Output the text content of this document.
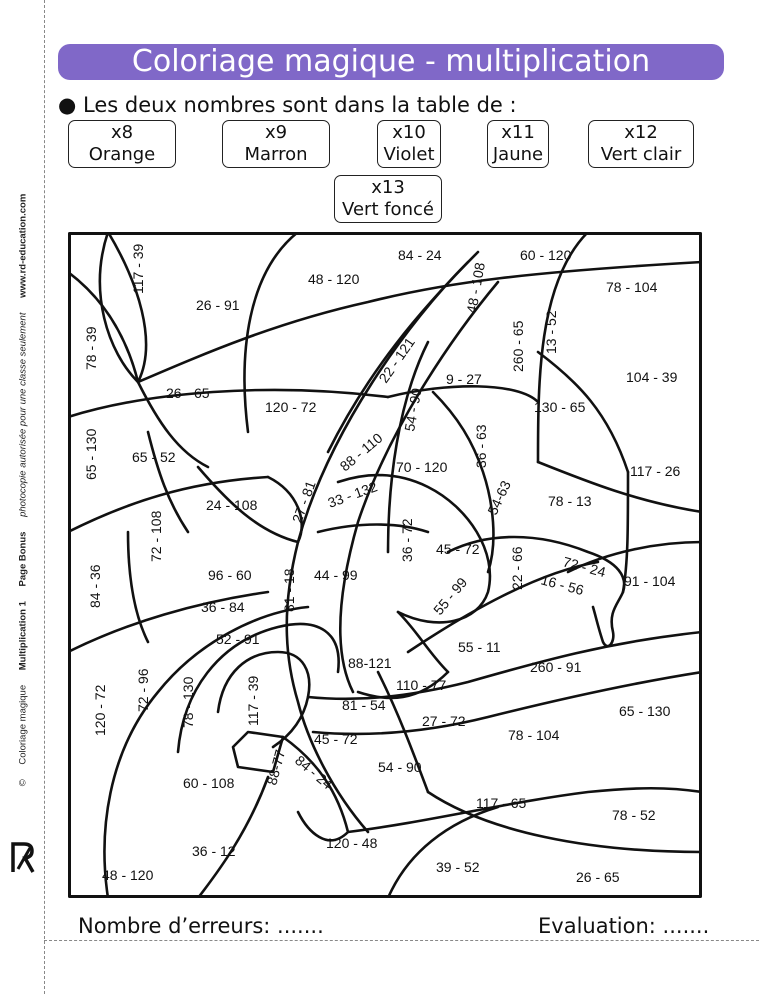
© Coloriage magique Multiplication 1 Page Bonus photocopie autorisée pour une classe seulement www.rd-education.com
Coloriage magique - multiplication
● Les deux nombres sont dans la table de :
x8
Orange
x9
Marron
x10
Violet
x11
Jaune
x12
Vert clair
x13
Vert foncé
84 - 24	60 - 120
117 - 39	48 - 120	48 - 108	78 - 104
78 - 39
26 - 91
260 - 65 13 - 52
22 - 121	104 - 39
9 - 27
26 - 65
120 - 72	54 - 90	130 - 65
65 - 130	36 - 63
88 - 110
65 - 52
70 - 120	117 - 26
33 - 132	54-63 78 - 13
24 - 108 27 - 81
72 - 108	36 - 72 45 - 72 22 - 66	72 - 24
84 - 36	96 - 60 81 - 18 44 - 99	16 - 56	91 - 104
55 - 99
36 - 84
52 - 91	55 - 11
260 - 91
88-121
72 - 96
120 - 72	117 - 39	110 - 77
78 - 130	81 - 54	65 - 130
27 - 72
45 - 72	78 - 104
88-77 84 - 24	54 - 90
60 - 108
117 - 65
78 - 52
120 - 48
36 - 12
39 - 52
48 - 120	26 - 65
Nombre d’erreurs: .......	Evaluation: .......
